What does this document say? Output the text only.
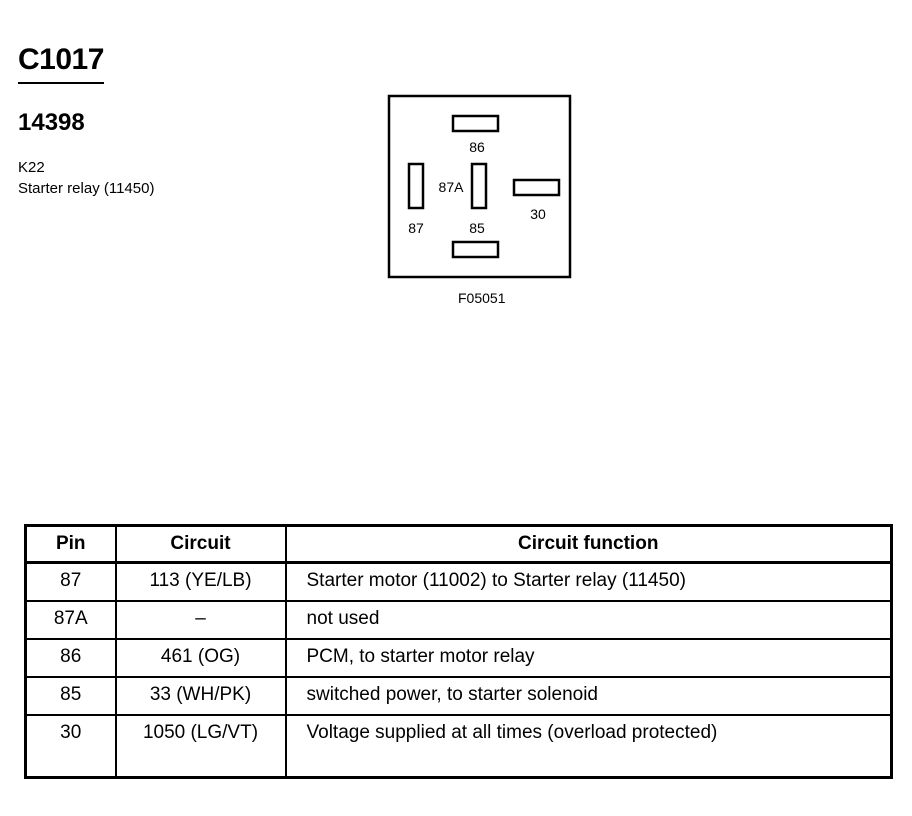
C1017
14398
K22
Starter relay (11450)
86
87A
87	85
30
F05051
Pin	Circuit	Circuit function
87	113 (YE/LB)	Starter motor (11002) to Starter relay (11450)
87A	–	not used
86	461 (OG)	PCM, to starter motor relay
85	33 (WH/PK)	switched power, to starter solenoid
30	1050 (LG/VT)	Voltage supplied at all times (overload protected)
